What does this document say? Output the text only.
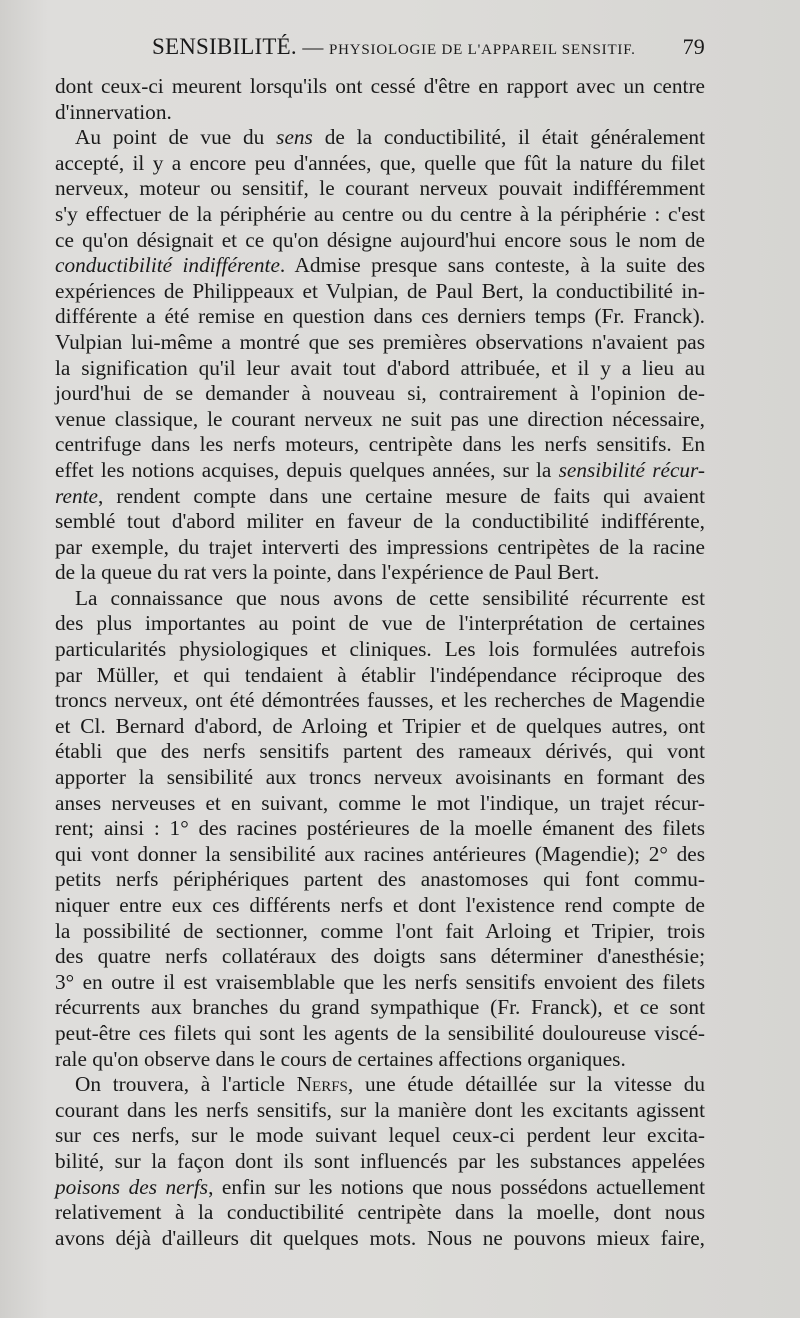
SENSIBILITÉ. — PHYSIOLOGIE DE L'APPAREIL SENSITIF. 79
dont ceux-ci meurent lorsqu'ils ont cessé d'être en rapport avec un centre
d'innervation.
Au point de vue du sens de la conductibilité, il était généralement
accepté, il y a encore peu d'années, que, quelle que fût la nature du filet
nerveux, moteur ou sensitif, le courant nerveux pouvait indifféremment
s'y effectuer de la périphérie au centre ou du centre à la périphérie : c'est
ce qu'on désignait et ce qu'on désigne aujourd'hui encore sous le nom de
conductibilité indifférente. Admise presque sans conteste, à la suite des
expériences de Philippeaux et Vulpian, de Paul Bert, la conductibilité in-
différente a été remise en question dans ces derniers temps (Fr. Franck).
Vulpian lui-même a montré que ses premières observations n'avaient pas
la signification qu'il leur avait tout d'abord attribuée, et il y a lieu au
jourd'hui de se demander à nouveau si, contrairement à l'opinion de-
venue classique, le courant nerveux ne suit pas une direction nécessaire,
centrifuge dans les nerfs moteurs, centripète dans les nerfs sensitifs. En
effet les notions acquises, depuis quelques années, sur la sensibilité récur-
rente, rendent compte dans une certaine mesure de faits qui avaient
semblé tout d'abord militer en faveur de la conductibilité indifférente,
par exemple, du trajet interverti des impressions centripètes de la racine
de la queue du rat vers la pointe, dans l'expérience de Paul Bert.
La connaissance que nous avons de cette sensibilité récurrente est
des plus importantes au point de vue de l'interprétation de certaines
particularités physiologiques et cliniques. Les lois formulées autrefois
par Müller, et qui tendaient à établir l'indépendance réciproque des
troncs nerveux, ont été démontrées fausses, et les recherches de Magendie
et Cl. Bernard d'abord, de Arloing et Tripier et de quelques autres, ont
établi que des nerfs sensitifs partent des rameaux dérivés, qui vont
apporter la sensibilité aux troncs nerveux avoisinants en formant des
anses nerveuses et en suivant, comme le mot l'indique, un trajet récur-
rent; ainsi : 1° des racines postérieures de la moelle émanent des filets
qui vont donner la sensibilité aux racines antérieures (Magendie); 2° des
petits nerfs périphériques partent des anastomoses qui font commu-
niquer entre eux ces différents nerfs et dont l'existence rend compte de
la possibilité de sectionner, comme l'ont fait Arloing et Tripier, trois
des quatre nerfs collatéraux des doigts sans déterminer d'anesthésie;
3° en outre il est vraisemblable que les nerfs sensitifs envoient des filets
récurrents aux branches du grand sympathique (Fr. Franck), et ce sont
peut-être ces filets qui sont les agents de la sensibilité douloureuse viscé-
rale qu'on observe dans le cours de certaines affections organiques.
On trouvera, à l'article Nerfs, une étude détaillée sur la vitesse du
courant dans les nerfs sensitifs, sur la manière dont les excitants agissent
sur ces nerfs, sur le mode suivant lequel ceux-ci perdent leur excita-
bilité, sur la façon dont ils sont influencés par les substances appelées
poisons des nerfs, enfin sur les notions que nous possédons actuellement
relativement à la conductibilité centripète dans la moelle, dont nous
avons déjà d'ailleurs dit quelques mots. Nous ne pouvons mieux faire,
